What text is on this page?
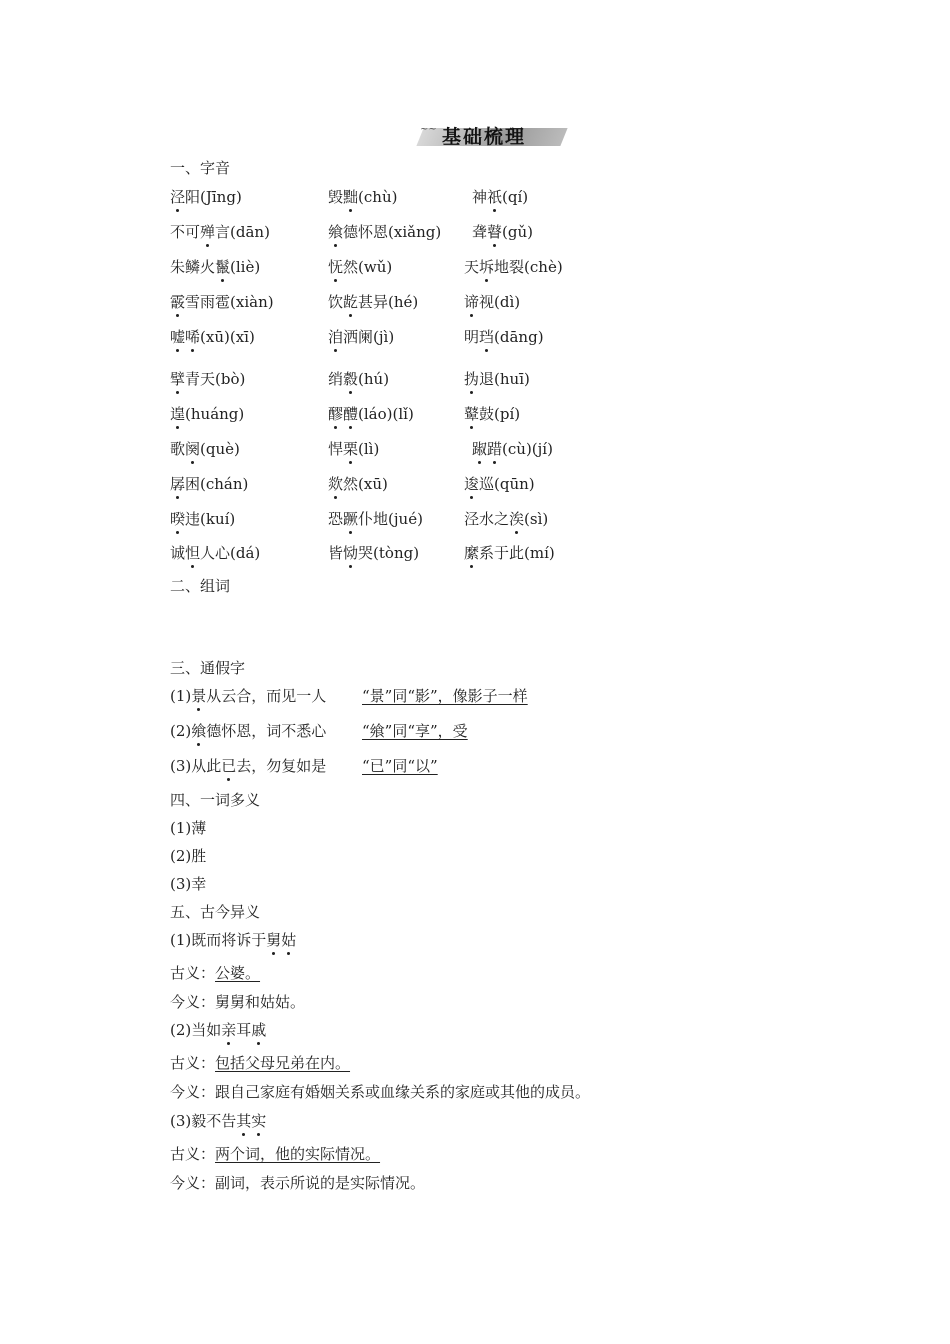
~~ 基础梳理
一、字音
泾阳(Jīng)	毁黜(chù)	神祇(qí)
不可殚言(dān)	飨德怀恩(xiǎng) 聋瞽(gǔ)
朱鳞火鬣(liè)	怃然(wǔ)	天坼地裂(chè)
霰雪雨雹(xiàn)	饮龁甚异(hé)	谛视(dì)
嘘唏(xū)(xī)	洎洒阑(jì)	明珰(dāng)
擘青天(bò)	绡縠(hú)	㧑退(huī)
遑(huáng)	醪醴(láo)(lǐ)	鼙鼓(pí)
歌阕(què)	悍栗(lì)	踧踖(cù)(jí)
孱困(chán)	欻然(xū)	逡巡(qūn)
暌违(kuí)	恐蹶仆地(jué)	泾水之涘(sì)
诚怛人心(dá)	皆恸哭(tòng)	縻系于此(mí)
二、组词
三、通假字
(1)景从云合，而见一人 “景”同“影”，像影子一样
(2)飨德怀恩，词不悉心 “飨”同“享”，受
(3)从此已去，勿复如是 “已”同“以”
四、一词多义
(1)薄
(2)胜
(3)幸
五、古今异义
(1)既而将诉于舅姑
古义：公婆。
今义：舅舅和姑姑。
(2)当如亲耳戚
古义：包括父母兄弟在内。
今义：跟自己家庭有婚姻关系或血缘关系的家庭或其他的成员。
(3)毅不告其实
古义：两个词，他的实际情况。
今义：副词，表示所说的是实际情况。
